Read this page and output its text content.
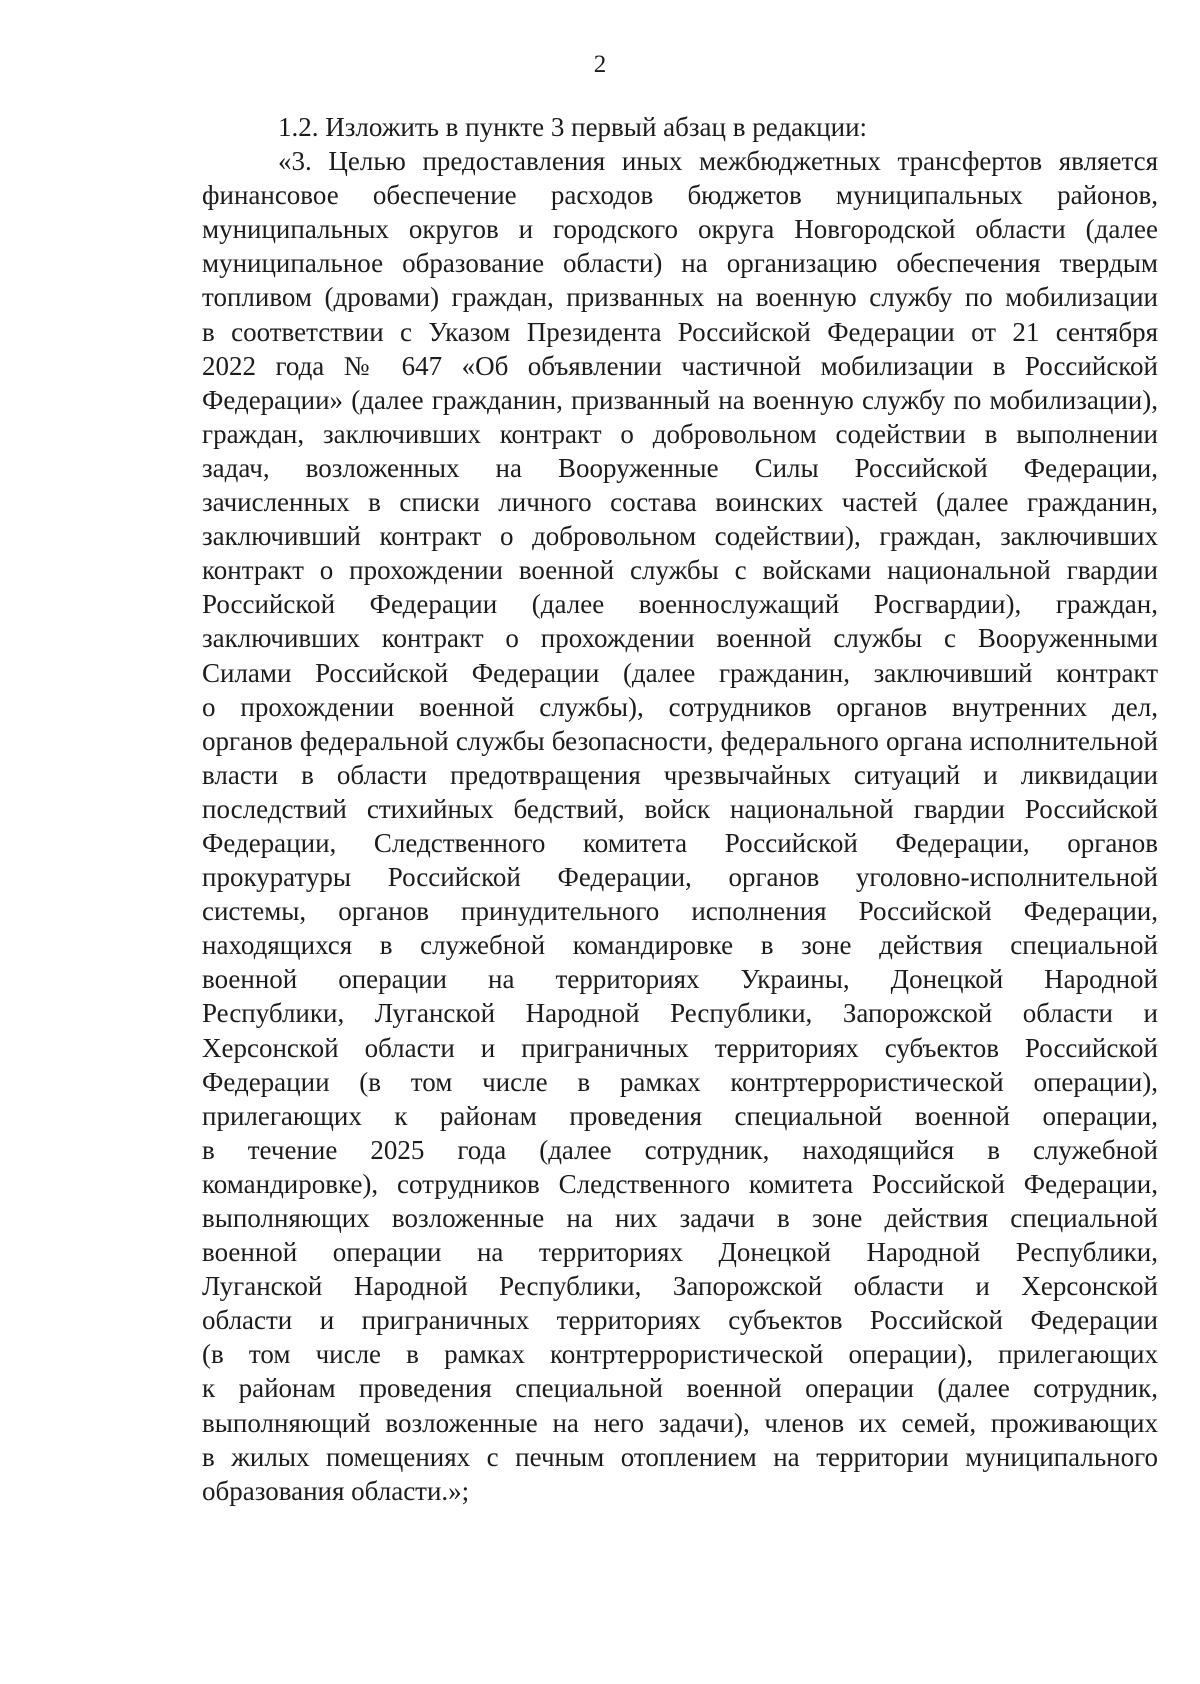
2
1.2. Изложить в пункте 3 первый абзац в редакции:
«3. Целью предоставления иных межбюджетных трансфертов является
финансовое обеспечение расходов бюджетов муниципальных районов,
муниципальных округов и городского округа Новгородской области (далее
муниципальное образование области) на организацию обеспечения твердым
топливом (дровами) граждан, призванных на военную службу по мобилизации
в соответствии с Указом Президента Российской Федерации от 21 сентября
2022 года № 647 «Об объявлении частичной мобилизации в Российской
Федерации» (далее гражданин, призванный на военную службу по мобилизации),
граждан, заключивших контракт о добровольном содействии в выполнении
задач, возложенных на Вооруженные Силы Российской Федерации,
зачисленных в списки личного состава воинских частей (далее гражданин,
заключивший контракт о добровольном содействии), граждан, заключивших
контракт о прохождении военной службы с войсками национальной гвардии
Российской Федерации (далее военнослужащий Росгвардии), граждан,
заключивших контракт о прохождении военной службы с Вооруженными
Силами Российской Федерации (далее гражданин, заключивший контракт
о прохождении военной службы), сотрудников органов внутренних дел,
органов федеральной службы безопасности, федерального органа исполнительной
власти в области предотвращения чрезвычайных ситуаций и ликвидации
последствий стихийных бедствий, войск национальной гвардии Российской
Федерации, Следственного комитета Российской Федерации, органов
прокуратуры Российской Федерации, органов уголовно-исполнительной
системы, органов принудительного исполнения Российской Федерации,
находящихся в служебной командировке в зоне действия специальной
военной операции на территориях Украины, Донецкой Народной
Республики, Луганской Народной Республики, Запорожской области и
Херсонской области и приграничных территориях субъектов Российской
Федерации (в том числе в рамках контртеррористической операции),
прилегающих к районам проведения специальной военной операции,
в течение 2025 года (далее сотрудник, находящийся в служебной
командировке), сотрудников Следственного комитета Российской Федерации,
выполняющих возложенные на них задачи в зоне действия специальной
военной операции на территориях Донецкой Народной Республики,
Луганской Народной Республики, Запорожской области и Херсонской
области и приграничных территориях субъектов Российской Федерации
(в том числе в рамках контртеррористической операции), прилегающих
к районам проведения специальной военной операции (далее сотрудник,
выполняющий возложенные на него задачи), членов их семей, проживающих
в жилых помещениях с печным отоплением на территории муниципального
образования области.»;
